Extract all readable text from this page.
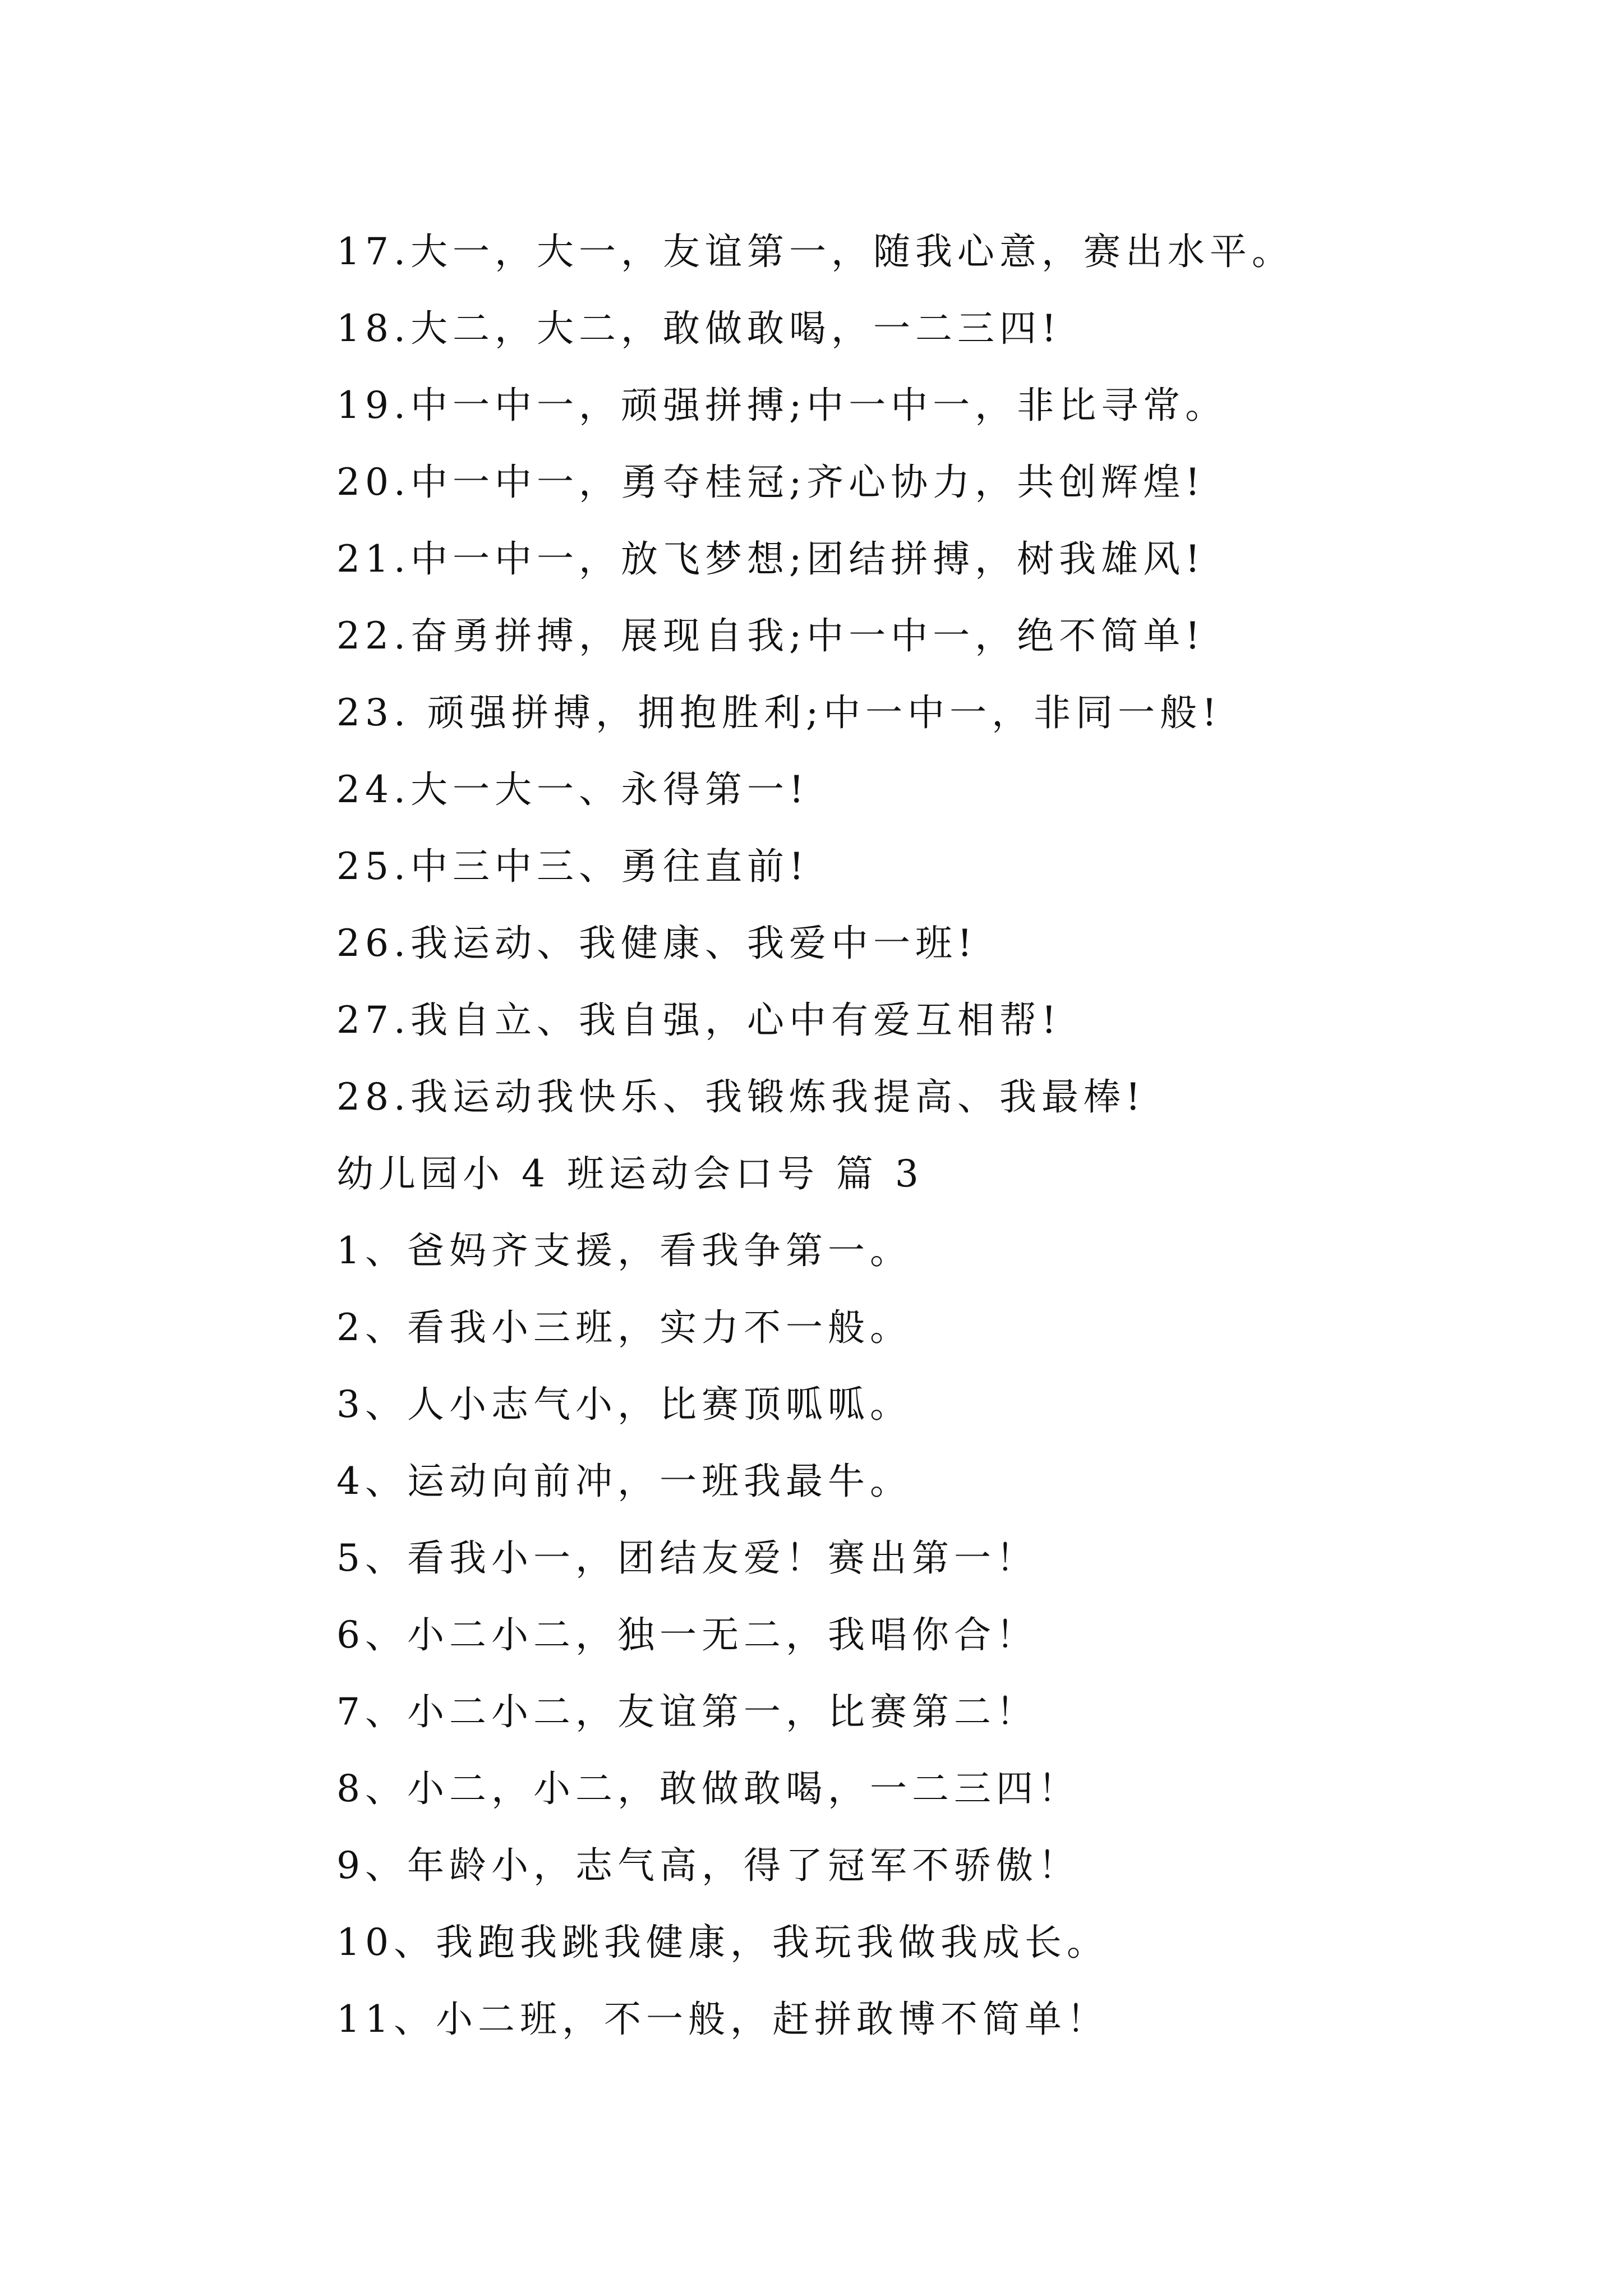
17.大一，大一，友谊第一，随我心意，赛出水平。
18.大二，大二，敢做敢喝，一二三四!
19.中一中一，顽强拼搏;中一中一，非比寻常。
20.中一中一，勇夺桂冠;齐心协力，共创辉煌!
21.中一中一，放飞梦想;团结拼搏，树我雄风!
22.奋勇拼搏，展现自我;中一中一，绝不简单!
23. 顽强拼搏，拥抱胜利;中一中一，非同一般!
24.大一大一、永得第一!
25.中三中三、勇往直前!
26.我运动、我健康、我爱中一班!
27.我自立、我自强，心中有爱互相帮!
28.我运动我快乐、我锻炼我提高、我最棒!
幼儿园小 4 班运动会口号 篇 3
1、爸妈齐支援，看我争第一。
2、看我小三班，实力不一般。
3、人小志气小，比赛顶呱呱。
4、运动向前冲，一班我最牛。
5、看我小一，团结友爱！赛出第一！
6、小二小二，独一无二，我唱你合！
7、小二小二，友谊第一，比赛第二！
8、小二，小二，敢做敢喝，一二三四！
9、年龄小，志气高，得了冠军不骄傲！
10、我跑我跳我健康，我玩我做我成长。
11、小二班，不一般，赶拼敢博不简单！
